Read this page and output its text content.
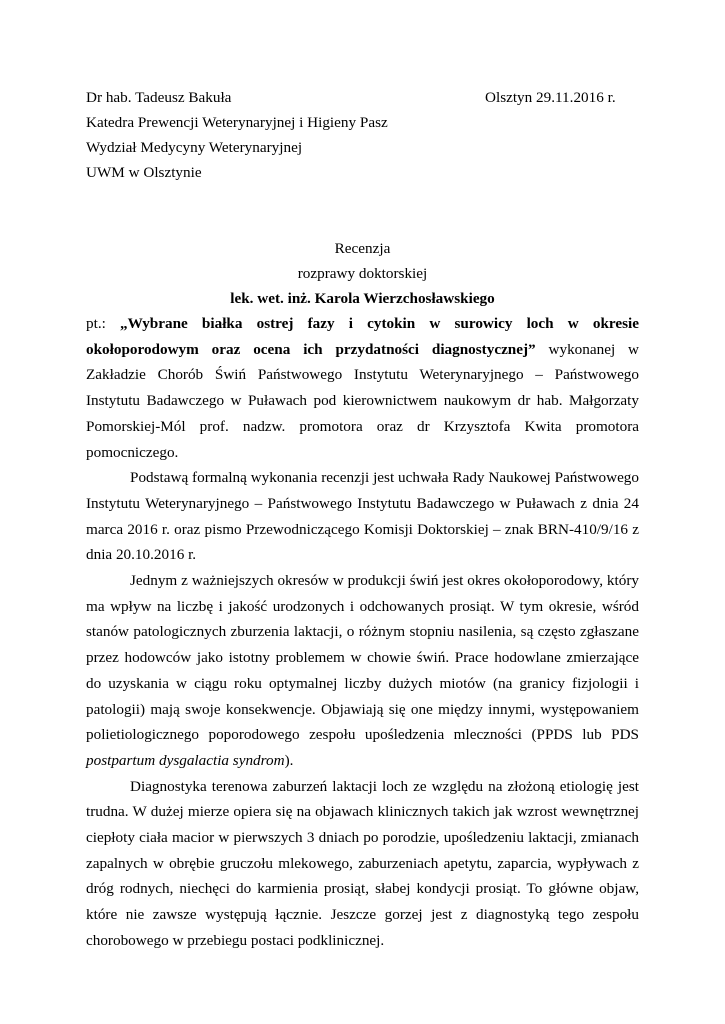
Dr hab. Tadeusz Bakuła	Olsztyn 29.11.2016 r.
Katedra Prewencji Weterynaryjnej i Higieny Pasz
Wydział Medycyny Weterynaryjnej
UWM w Olsztynie
Recenzja
rozprawy doktorskiej
lek. wet. inż. Karola Wierzchosławskiego

pt.: „Wybrane białka ostrej fazy i cytokin w surowicy loch w okresie okołoporodowym oraz ocena ich przydatności diagnostycznej” wykonanej w Zakładzie Chorób Świń Państwowego Instytutu Weterynaryjnego – Państwowego Instytutu Badawczego w Puławach pod kierownictwem naukowym dr hab. Małgorzaty Pomorskiej-Mól prof. nadzw. promotora oraz dr Krzysztofa Kwita promotora pomocniczego.

Podstawą formalną wykonania recenzji jest uchwała Rady Naukowej Państwowego Instytutu Weterynaryjnego – Państwowego Instytutu Badawczego w Puławach z dnia 24 marca 2016 r. oraz pismo Przewodniczącego Komisji Doktorskiej – znak BRN-410/9/16 z dnia 20.10.2016 r.

Jednym z ważniejszych okresów w produkcji świń jest okres okołoporodowy, który ma wpływ na liczbę i jakość urodzonych i odchowanych prosiąt. W tym okresie, wśród stanów patologicznych zburzenia laktacji, o różnym stopniu nasilenia, są często zgłaszane przez hodowców jako istotny problemem w chowie świń. Prace hodowlane zmierzające do uzyskania w ciągu roku optymalnej liczby dużych miotów (na granicy fizjologii i patologii) mają swoje konsekwencje. Objawiają się one między innymi, występowaniem polietiologicznego poporodowego zespołu upośledzenia mleczności (PPDS lub PDS postpartum dysgalactia syndrom).

Diagnostyka terenowa zaburzeń laktacji loch ze względu na złożoną etiologię jest trudna. W dużej mierze opiera się na objawach klinicznych takich jak wzrost wewnętrznej ciepłoty ciała macior w pierwszych 3 dniach po porodzie, upośledzeniu laktacji, zmianach zapalnych w obrębie gruczołu mlekowego, zaburzeniach apetytu, zaparcia, wypływach z dróg rodnych, niechęci do karmienia prosiąt, słabej kondycji prosiąt. To główne objaw, które nie zawsze występują łącznie. Jeszcze gorzej jest z diagnostyką tego zespołu chorobowego w przebiegu postaci podklinicznej.
